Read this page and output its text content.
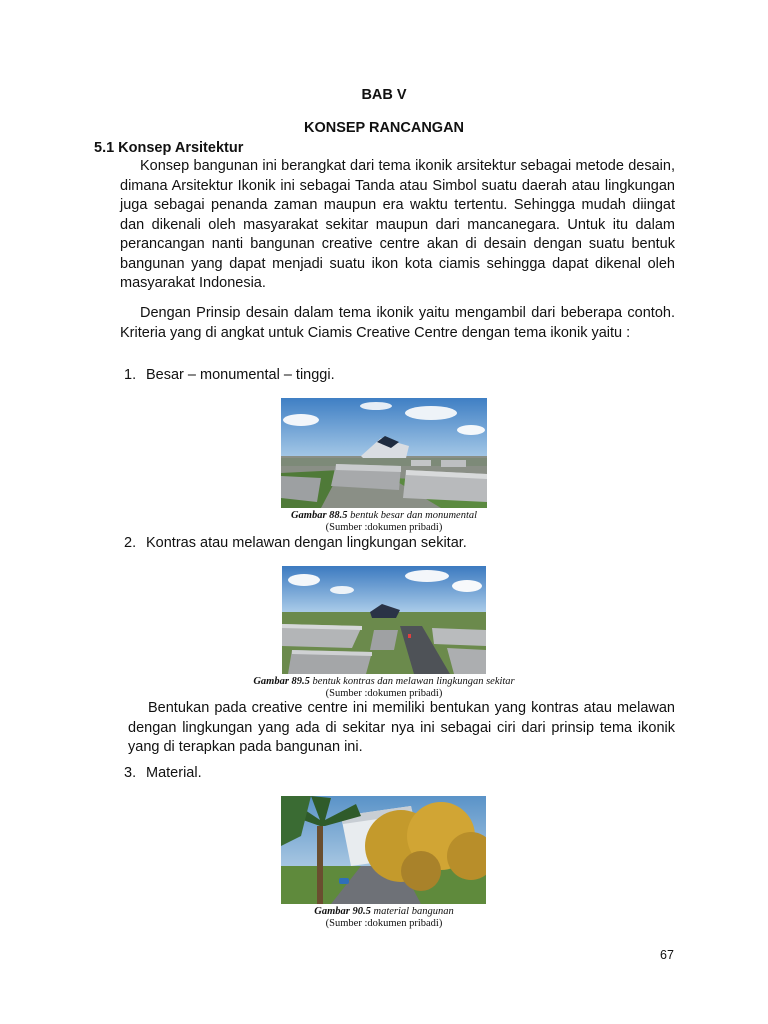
BAB V
KONSEP RANCANGAN
5.1 Konsep Arsitektur
Konsep bangunan ini berangkat dari tema ikonik arsitektur sebagai metode desain, dimana Arsitektur Ikonik ini sebagai Tanda atau Simbol suatu daerah atau lingkungan juga sebagai penanda zaman maupun era waktu tertentu. Sehingga mudah diingat dan dikenali oleh masyarakat sekitar maupun dari mancanegara. Untuk itu dalam perancangan nanti bangunan creative centre akan di desain dengan suatu bentuk bangunan yang dapat menjadi suatu ikon kota ciamis sehingga dapat dikenal oleh masyarakat Indonesia.
Dengan Prinsip desain dalam tema ikonik yaitu mengambil dari beberapa contoh. Kriteria yang di angkat untuk Ciamis Creative Centre dengan tema ikonik yaitu :
1. Besar – monumental – tinggi.
Gambar 88.5 bentuk besar dan monumental
(Sumber :dokumen pribadi)
2. Kontras atau melawan dengan lingkungan sekitar.
Gambar 89.5 bentuk kontras dan melawan lingkungan sekitar
(Sumber :dokumen pribadi)
Bentukan pada creative centre ini memiliki bentukan yang kontras atau melawan dengan lingkungan yang ada di sekitar nya ini sebagai ciri dari prinsip tema ikonik yang di terapkan pada bangunan ini.
3. Material.
Gambar 90.5 material bangunan
(Sumber :dokumen pribadi)
67
